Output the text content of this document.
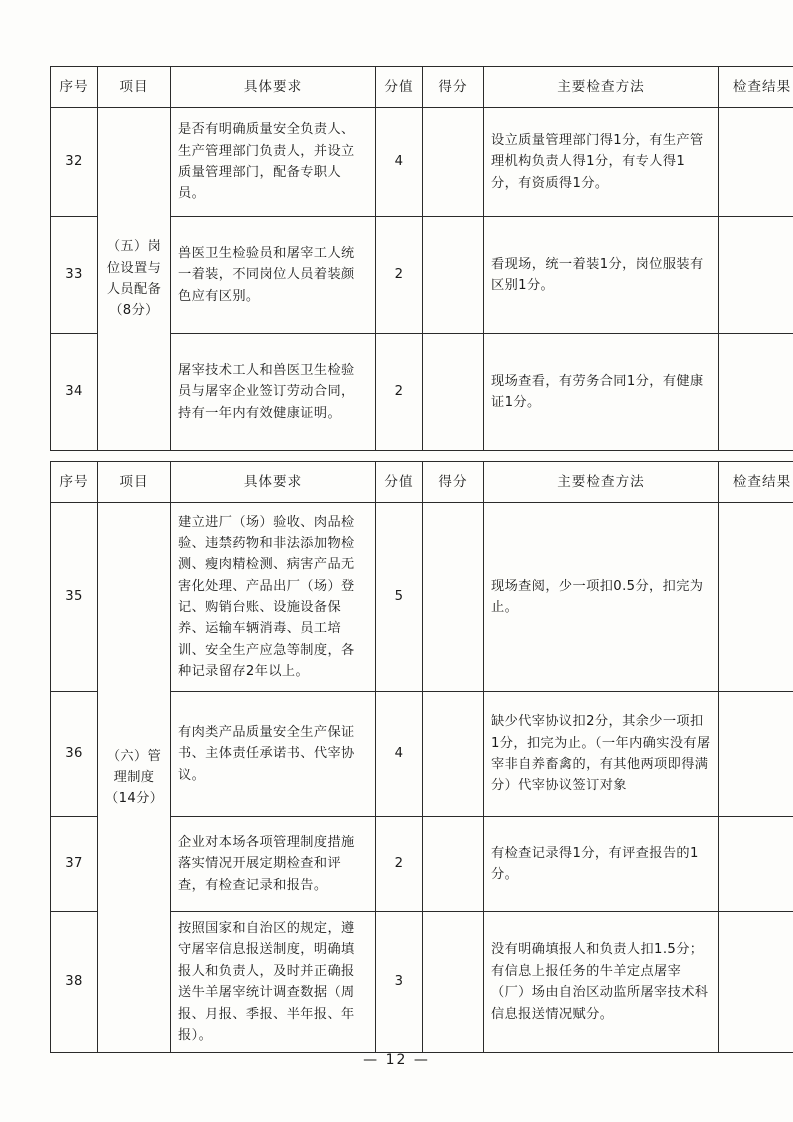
序号	项目	具体要求	分值	得分	主要检查方法	检查结果
32	（五）岗位设置与人员配备（8分）	是否有明确质量安全负责人、生产管理部门负责人，并设立质量管理部门，配备专职人员。	4		设立质量管理部门得1分，有生产管理机构负责人得1分，有专人得1分，有资质得1分。	
33		兽医卫生检验员和屠宰工人统一着装，不同岗位人员着装颜色应有区别。	2		看现场，统一着装1分，岗位服装有区别1分。	
34		屠宰技术工人和兽医卫生检验员与屠宰企业签订劳动合同，持有一年内有效健康证明。	2		现场查看，有劳务合同1分，有健康证1分。	
序号	项目	具体要求	分值	得分	主要检查方法	检查结果
35	（六）管理制度（14分）	建立进厂（场）验收、肉品检验、违禁药物和非法添加物检测、瘦肉精检测、病害产品无害化处理、产品出厂（场）登记、购销台账、设施设备保养、运输车辆消毒、员工培训、安全生产应急等制度，各种记录留存2年以上。	5		现场查阅，少一项扣0.5分，扣完为止。	
36		有肉类产品质量安全生产保证书、主体责任承诺书、代宰协议。	4		缺少代宰协议扣2分，其余少一项扣1分，扣完为止。（一年内确实没有屠宰非自养畜禽的，有其他两项即得满分）代宰协议签订对象	
37		企业对本场各项管理制度措施落实情况开展定期检查和评查，有检查记录和报告。	2		有检查记录得1分，有评查报告的1分。	
38		按照国家和自治区的规定，遵守屠宰信息报送制度，明确填报人和负责人，及时并正确报送牛羊屠宰统计调查数据（周报、月报、季报、半年报、年报）。	3		没有明确填报人和负责人扣1.5分；有信息上报任务的牛羊定点屠宰（厂）场由自治区动监所屠宰技术科信息报送情况赋分。	
— 12 —
